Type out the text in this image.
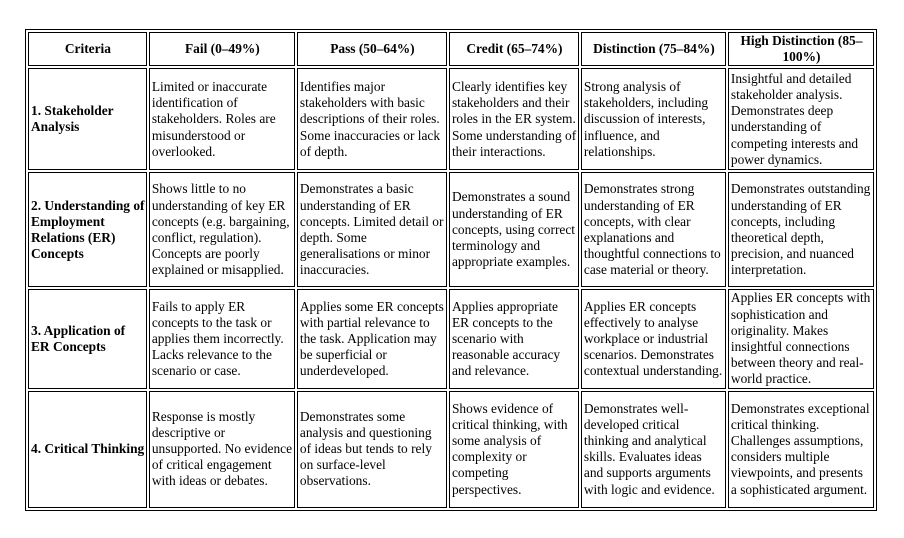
Criteria	Fail (0–49%)	Pass (50–64%)	Credit (65–74%)	Distinction (75–84%)	High Distinction (85–100%)
1. Stakeholder Analysis	Limited or inaccurate identification of stakeholders. Roles are misunderstood or overlooked.	Identifies major stakeholders with basic descriptions of their roles. Some inaccuracies or lack of depth.	Clearly identifies key stakeholders and their roles in the ER system. Some understanding of their interactions.	Strong analysis of stakeholders, including discussion of interests, influence, and relationships.	Insightful and detailed stakeholder analysis. Demonstrates deep understanding of competing interests and power dynamics.
2. Understanding of Employment Relations (ER) Concepts	Shows little to no understanding of key ER concepts (e.g. bargaining, conflict, regulation). Concepts are poorly explained or misapplied.	Demonstrates a basic understanding of ER concepts. Limited detail or depth. Some generalisations or minor inaccuracies.	Demonstrates a sound understanding of ER concepts, using correct terminology and appropriate examples.	Demonstrates strong understanding of ER concepts, with clear explanations and thoughtful connections to case material or theory.	Demonstrates outstanding understanding of ER concepts, including theoretical depth, precision, and nuanced interpretation.
3. Application of ER Concepts	Fails to apply ER concepts to the task or applies them incorrectly. Lacks relevance to the scenario or case.	Applies some ER concepts with partial relevance to the task. Application may be superficial or underdeveloped.	Applies appropriate ER concepts to the scenario with reasonable accuracy and relevance.	Applies ER concepts effectively to analyse workplace or industrial scenarios. Demonstrates contextual understanding.	Applies ER concepts with sophistication and originality. Makes insightful connections between theory and real-world practice.
4. Critical Thinking	Response is mostly descriptive or unsupported. No evidence of critical engagement with ideas or debates.	Demonstrates some analysis and questioning of ideas but tends to rely on surface-level observations.	Shows evidence of critical thinking, with some analysis of complexity or competing perspectives.	Demonstrates well-developed critical thinking and analytical skills. Evaluates ideas and supports arguments with logic and evidence.	Demonstrates exceptional critical thinking. Challenges assumptions, considers multiple viewpoints, and presents a sophisticated argument.
